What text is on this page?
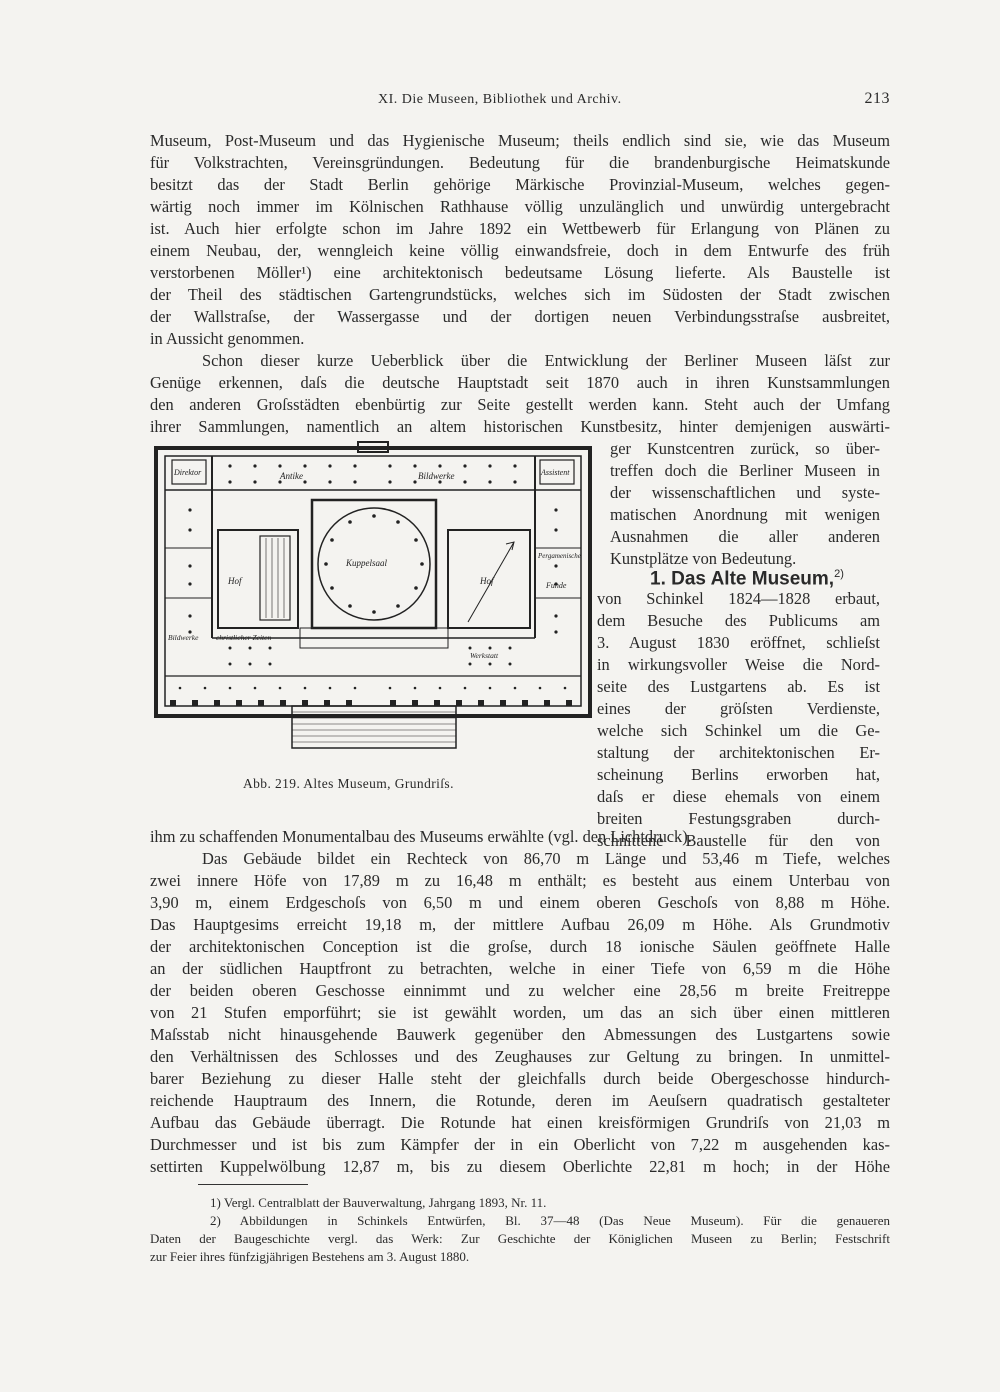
XI. Die Museen, Bibliothek und Archiv.	213
Museum, Post-Museum und das Hygienische Museum; theils endlich sind sie, wie das Museum
für Volkstrachten, Vereinsgründungen. Bedeutung für die brandenburgische Heimatskunde
besitzt das der Stadt Berlin gehörige Märkische Provinzial-Museum, welches gegen-
wärtig noch immer im Kölnischen Rathhause völlig unzulänglich und unwürdig untergebracht
ist. Auch hier erfolgte schon im Jahre 1892 ein Wettbewerb für Erlangung von Plänen zu
einem Neubau, der, wenngleich keine völlig einwandsfreie, doch in dem Entwurfe des früh
verstorbenen Möller¹) eine architektonisch bedeutsame Lösung lieferte. Als Baustelle ist
der Theil des städtischen Gartengrundstücks, welches sich im Südosten der Stadt zwischen
der Wallstraſse, der Wassergasse und der dortigen neuen Verbindungsstraſse ausbreitet,
in Aussicht genommen.
Schon dieser kurze Ueberblick über die Entwicklung der Berliner Museen läſst zur
Genüge erkennen, daſs die deutsche Hauptstadt seit 1870 auch in ihren Kunstsammlungen
den anderen Groſsstädten ebenbürtig zur Seite gestellt werden kann. Steht auch der Umfang
ihrer Sammlungen, namentlich an altem historischen Kunstbesitz, hinter demjenigen auswärti-
ger Kunstcentren zurück, so über-
treffen doch die Berliner Museen in
der wissenschaftlichen und syste-
matischen Anordnung mit wenigen
Ausnahmen die aller anderen
Kunstplätze von Bedeutung.
1. Das Alte Museum,$^{2)}$
von Schinkel 1824—1828 erbaut,
dem Besuche des Publicums am
3. August 1830 eröffnet, schlieſst
in wirkungsvoller Weise die Nord-
seite des Lustgartens ab. Es ist
eines der gröſsten Verdienste,
welche sich Schinkel um die Ge-
staltung der architektonischen Er-
scheinung Berlins erworben hat,
daſs er diese ehemals von einem
breiten Festungsgraben durch-
schnittene Baustelle für den von
Direktor	Assistent
Antike	Bildwerke
Kuppelsaal
Hof	Hof
Pergamenische
Funde
Bildwerke christlicher Zeiten
Werkstatt
Abb. 219. Altes Museum, Grundriſs.
ihm zu schaffenden Monumentalbau des Museums erwählte (vgl. den Lichtdruck).
Das Gebäude bildet ein Rechteck von 86,70 m Länge und 53,46 m Tiefe, welches
zwei innere Höfe von 17,89 m zu 16,48 m enthält; es besteht aus einem Unterbau von
3,90 m, einem Erdgeschoſs von 6,50 m und einem oberen Geschoſs von 8,88 m Höhe.
Das Hauptgesims erreicht 19,18 m, der mittlere Aufbau 26,09 m Höhe. Als Grundmotiv
der architektonischen Conception ist die groſse, durch 18 ionische Säulen geöffnete Halle
an der südlichen Hauptfront zu betrachten, welche in einer Tiefe von 6,59 m die Höhe
der beiden oberen Geschosse einnimmt und zu welcher eine 28,56 m breite Freitreppe
von 21 Stufen emporführt; sie ist gewählt worden, um das an sich über einen mittleren
Maſsstab nicht hinausgehende Bauwerk gegenüber den Abmessungen des Lustgartens sowie
den Verhältnissen des Schlosses und des Zeughauses zur Geltung zu bringen. In unmittel-
barer Beziehung zu dieser Halle steht der gleichfalls durch beide Obergeschosse hindurch-
reichende Hauptraum des Innern, die Rotunde, deren im Aeuſsern quadratisch gestalteter
Aufbau das Gebäude überragt. Die Rotunde hat einen kreisförmigen Grundriſs von 21,03 m
Durchmesser und ist bis zum Kämpfer der in ein Oberlicht von 7,22 m ausgehenden kas-
settirten Kuppelwölbung 12,87 m, bis zu diesem Oberlichte 22,81 m hoch; in der Höhe
1) Vergl. Centralblatt der Bauverwaltung, Jahrgang 1893, Nr. 11.
2) Abbildungen in Schinkels Entwürfen, Bl. 37—48 (Das Neue Museum). Für die genaueren
Daten der Baugeschichte vergl. das Werk: Zur Geschichte der Königlichen Museen zu Berlin; Festschrift
zur Feier ihres fünfzigjährigen Bestehens am 3. August 1880.
